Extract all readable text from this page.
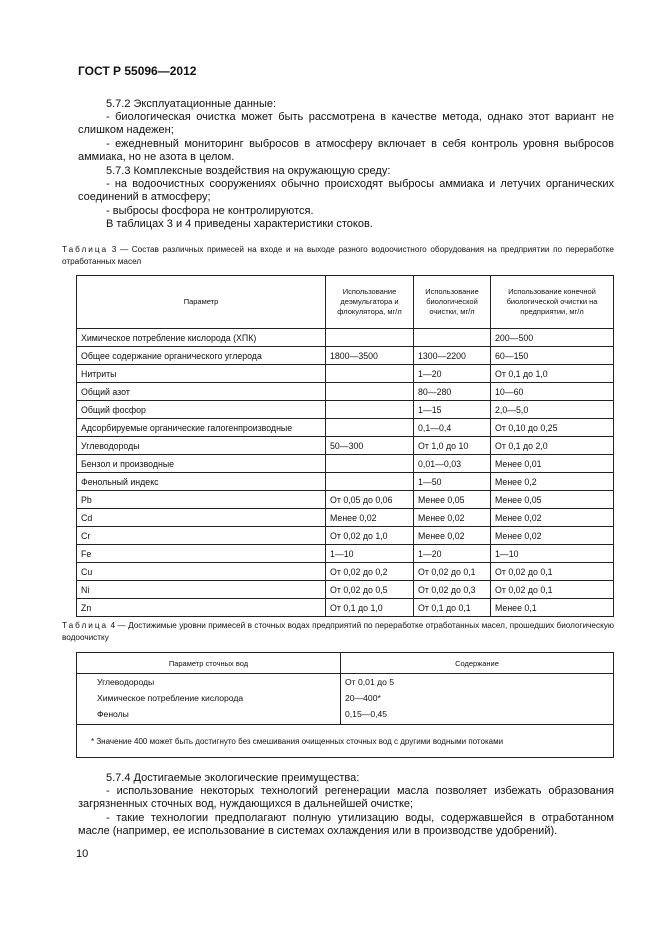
ГОСТ Р 55096—2012
5.7.2 Эксплуатационные данные:
- биологическая очистка может быть рассмотрена в качестве метода, однако этот вариант не слишком надежен;
- ежедневный мониторинг выбросов в атмосферу включает в себя контроль уровня выбросов аммиака, но не азота в целом.
5.7.3 Комплексные воздействия на окружающую среду:
- на водоочистных сооружениях обычно происходят выбросы аммиака и летучих органических соединений в атмосферу;
- выбросы фосфора не контролируются.
В таблицах 3 и 4 приведены характеристики стоков.
Таблица 3 — Состав различных примесей на входе и на выходе разного водоочистного оборудования на предприятии по переработке отработанных масел
Параметр	Использование деэмульгатора и флокулятора, мг/л	Использование биологической очистки, мг/л	Использование конечной биологической очистки на предприятии, мг/л
Химическое потребление кислорода (ХПК)			200—500
Общее содержание органического углерода	1800—3500	1300—2200	60—150
Нитриты		1—20	От 0,1 до 1,0
Общий азот		80—280	10—60
Общий фосфор		1—15	2,0—5,0
Адсорбируемые органические галогенпроизводные		0,1—0,4	От 0,10 до 0,25
Углеводороды	50—300	От 1,0 до 10	От 0,1 до 2,0
Бензол и производные		0,01—0,03	Менее 0,01
Фенольный индекс		1—50	Менее 0,2
Pb	От 0,05 до 0,06	Менее 0,05	Менее 0,05
Cd	Менее 0,02	Менее 0,02	Менее 0,02
Cr	От 0,02 до 1,0	Менее 0,02	Менее 0,02
Fe	1—10	1—20	1—10
Cu	От 0,02 до 0,2	От 0,02 до 0,1	От 0,02 до 0,1
Ni	От 0,02 до 0,5	От 0,02 до 0,3	От 0,02 до 0,1
Zn	От 0,1 до 1,0	От 0,1 до 0,1	Менее 0,1
Таблица 4 — Достижимые уровни примесей в сточных водах предприятий по переработке отработанных масел, прошедших биологическую водоочистку
Параметр сточных вод	Содержание
Углеводороды	От 0,01 до 5
Химическое потребление кислорода	20—400*
Фенолы	0,15—0,45
* Значение 400 может быть достигнуто без смешивания очищенных сточных вод с другими водными потоками	
5.7.4 Достигаемые экологические преимущества:
- использование некоторых технологий регенерации масла позволяет избежать образования загрязненных сточных вод, нуждающихся в дальнейшей очистке;
- такие технологии предполагают полную утилизацию воды, содержавшейся в отработанном масле (например, ее использование в системах охлаждения или в производстве удобрений).
10
